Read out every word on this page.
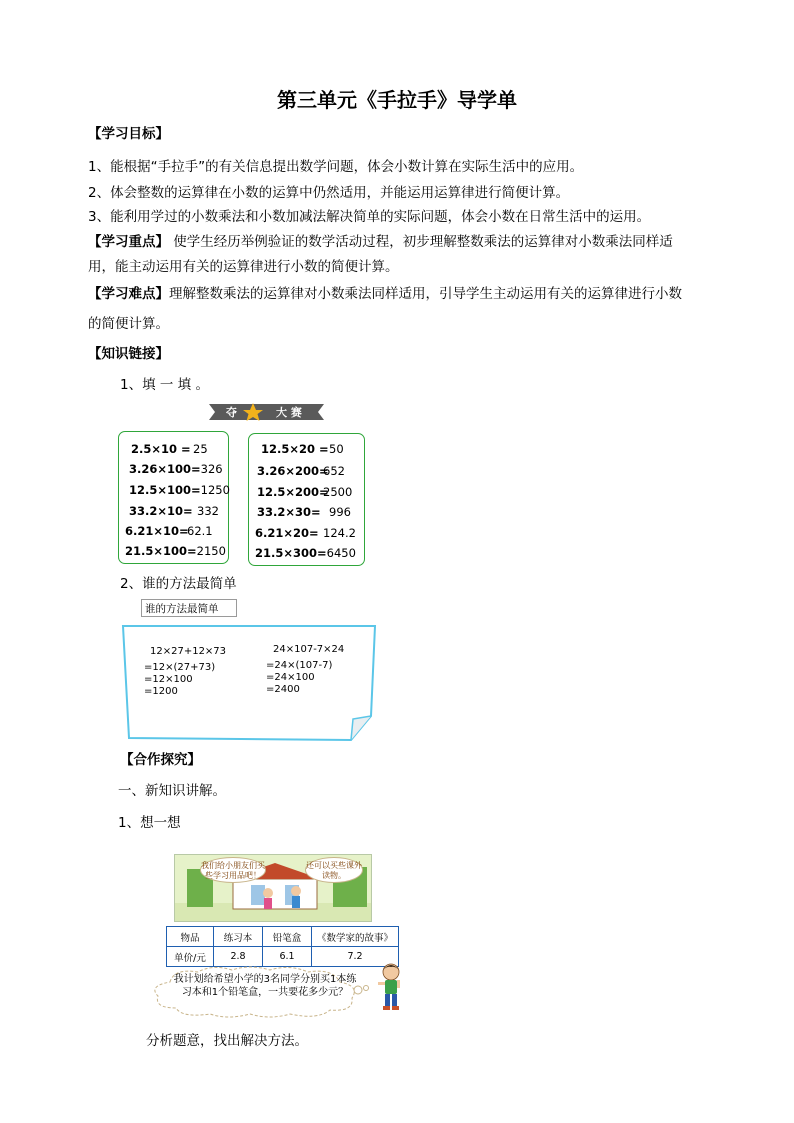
第三单元《手拉手》导学单
【学习目标】
1、能根据“手拉手”的有关信息提出数学问题，体会小数计算在实际生活中的应用。
2、体会整数的运算律在小数的运算中仍然适用，并能运用运算律进行简便计算。
3、能利用学过的小数乘法和小数加减法解决简单的实际问题，体会小数在日常生活中的运用。
【学习重点】 使学生经历举例验证的数学活动过程，初步理解整数乘法的运算律对小数乘法同样适
用，能主动运用有关的运算律进行小数的简便计算。
【学习难点】理解整数乘法的运算律对小数乘法同样适用，引导学生主动运用有关的运算律进行小数
的简便计算。
【知识链接】
1、填 一 填 。
夺	大 赛
2.5×10 = 25
3.26×100=326
12.5×100=1250
33.2×10= 332
6.21×10=
62.1
21.5×100=2150
12.5×20 = 50
3.26×200=
652
12.5×200=
2500
33.2×30= 996
6.21×20= 124.2
21.5×300=6450
2、谁的方法最简单
谁的方法最简单
12×27+12×73
=12×(27+73)
=12×100
=1200
24×107-7×24
=24×(107-7)
=24×100
=2400
【合作探究】
一、新知识讲解。
1、想一想
我们给小朋友们买些学习用品吧！
还可以买些课外读物。
物品	练习本	铅笔盒	《数学家的故事》
单价/元	2.8	6.1	7.2
我计划给希望小学的3名同学分别买1本练习本和1个铅笔盒，一共要花多少元？
分析题意，找出解决方法。
